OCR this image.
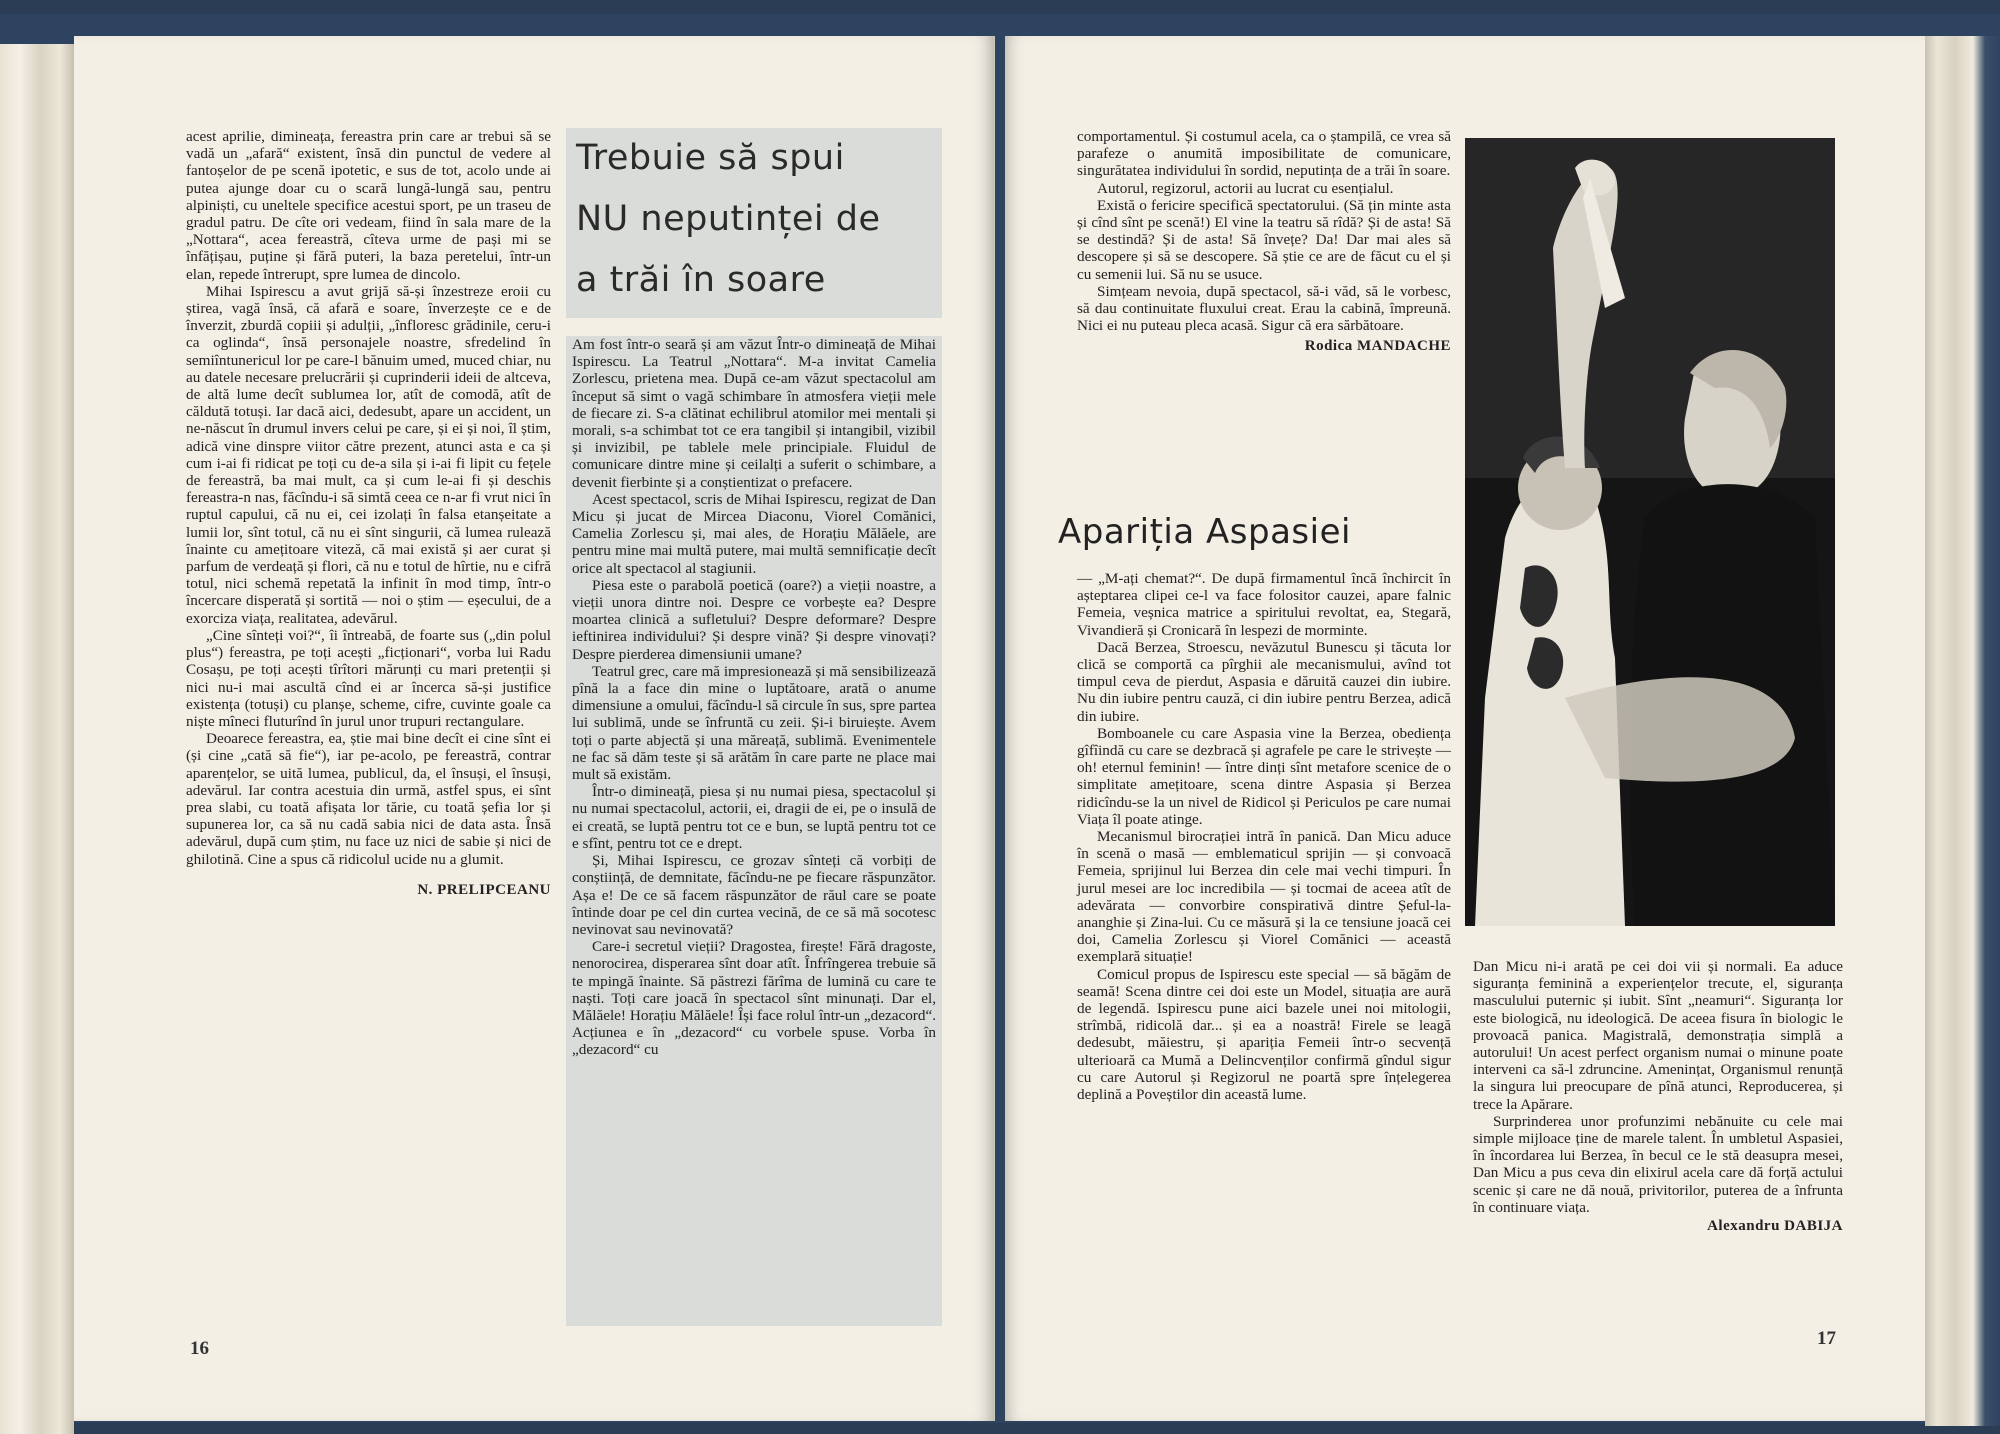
acest aprilie, dimineața, fereastra prin care ar trebui să se vadă un „afară“ existent, însă din punctul de vedere al fantoșelor de pe scenă ipotetic, e sus de tot, acolo unde ai putea ajunge doar cu o scară lungă-lungă sau, pentru alpiniști, cu uneltele specifice acestui sport, pe un traseu de gradul patru. De cîte ori vedeam, fiind în sala mare de la „Nottara“, acea fereastră, cîteva urme de pași mi se înfățișau, puține și fără puteri, la baza peretelui, într-un elan, repede întrerupt, spre lumea de dincolo.

Mihai Ispirescu a avut grijă să-și înzestreze eroii cu știrea, vagă însă, că afară e soare, înverzește ce e de înverzit, zburdă copiii și adulții, „înfloresc grădinile, ceru-i ca oglinda“, însă personajele noastre, sfredelind în semiîntunericul lor pe care-l bănuim umed, muced chiar, nu au datele necesare prelucrării și cuprinderii ideii de altceva, de altă lume decît sublumea lor, atît de comodă, atît de căldută totuși. Iar dacă aici, dedesubt, apare un accident, un ne-născut în drumul invers celui pe care, și ei și noi, îl știm, adică vine dinspre viitor către prezent, atunci asta e ca și cum i-ai fi ridicat pe toți cu de-a sila și i-ai fi lipit cu fețele de fereastră, ba mai mult, ca și cum le-ai fi și deschis fereastra-n nas, făcîndu-i să simtă ceea ce n-ar fi vrut nici în ruptul capului, că nu ei, cei izolați în falsa etanșeitate a lumii lor, sînt totul, că nu ei sînt singurii, că lumea rulează înainte cu amețitoare viteză, că mai există și aer curat și parfum de verdeață și flori, că nu e totul de hîrtie, nu e cifră totul, nici schemă repetată la infinit în mod timp, într-o încercare disperată și sortită — noi o știm — eșecului, de a exorciza viața, realitatea, adevărul.

„Cine sînteți voi?“, îi întreabă, de foarte sus („din polul plus“) fereastra, pe toți acești „ficționari“, vorba lui Radu Cosașu, pe toți acești tîrîtori mărunți cu mari pretenții și nici nu-i mai ascultă cînd ei ar încerca să-și justifice existența (totuși) cu planșe, scheme, cifre, cuvinte goale ca niște mîneci fluturînd în jurul unor trupuri rectangulare.

Deoarece fereastra, ea, știe mai bine decît ei cine sînt ei (și cine „cată să fie“), iar pe-acolo, pe fereastră, contrar aparențelor, se uită lumea, publicul, da, el însuși, el însuși, adevărul. Iar contra acestuia din urmă, astfel spus, ei sînt prea slabi, cu toată afișata lor tărie, cu toată șefia lor și supunerea lor, ca să nu cadă sabia nici de data asta. Însă adevărul, după cum știm, nu face uz nici de sabie și nici de ghilotină. Cine a spus că ridicolul ucide nu a glumit.

N. PRELIPCEANU
Trebuie să spui NU neputinței de a trăi în soare

Am fost într-o seară și am văzut Într-o dimineață de Mihai Ispirescu. La Teatrul „Nottara“. M-a invitat Camelia Zorlescu, prietena mea. După ce-am văzut spectacolul am început să simt o vagă schimbare în atmosfera vieții mele de fiecare zi. S-a clătinat echilibrul atomilor mei mentali și morali, s-a schimbat tot ce era tangibil și intangibil, vizibil și invizibil, pe tablele mele principiale. Fluidul de comunicare dintre mine și ceilalți a suferit o schimbare, a devenit fierbinte și a conștientizat o prefacere.

Acest spectacol, scris de Mihai Ispirescu, regizat de Dan Micu și jucat de Mircea Diaconu, Viorel Comănici, Camelia Zorlescu și, mai ales, de Horațiu Mălăele, are pentru mine mai multă putere, mai multă semnificație decît orice alt spectacol al stagiunii.

Piesa este o parabolă poetică (oare?) a vieții noastre, a vieții unora dintre noi. Despre ce vorbește ea? Despre moartea clinică a sufletului? Despre deformare? Despre ieftinirea individului? Și despre vină? Și despre vinovați? Despre pierderea dimensiunii umane?

Teatrul grec, care mă impresionează și mă sensibilizează pînă la a face din mine o luptătoare, arată o anume dimensiune a omului, făcîndu-l să circule în sus, spre partea lui sublimă, unde se înfruntă cu zeii. Și-i biruiește. Avem toți o parte abjectă și una măreață, sublimă. Evenimentele ne fac să dăm teste și să arătăm în care parte ne place mai mult să existăm.

Într-o dimineață, piesa și nu numai piesa, spectacolul și nu numai spectacolul, actorii, ei, dragii de ei, pe o insulă de ei creată, se luptă pentru tot ce e bun, se luptă pentru tot ce e sfînt, pentru tot ce e drept.

Și, Mihai Ispirescu, ce grozav sînteți că vorbiți de conștiință, de demnitate, făcîndu-ne pe fiecare răspunzător. Așa e! De ce să facem răspunzător de răul care se poate întinde doar pe cel din curtea vecină, de ce să mă socotesc nevinovat sau nevinovată?

Care-i secretul vieții? Dragostea, firește! Fără dragoste, nenorocirea, disperarea sînt doar atît. Înfrîngerea trebuie să te mpingă înainte. Să păstrezi fărîma de lumină cu care te naști. Toți care joacă în spectacol sînt minunați. Dar el, Mălăele! Horațiu Mălăele! Își face rolul într-un „dezacord“. Acțiunea e în „dezacord“ cu vorbele spuse. Vorba în „dezacord“ cu

16

comportamentul. Și costumul acela, ca o ștampilă, ce vrea să parafeze o anumită imposibilitate de comunicare, singurătatea individului în sordid, neputința de a trăi în soare.

Autorul, regizorul, actorii au lucrat cu esențialul.

Există o fericire specifică spectatorului. (Să țin minte asta și cînd sînt pe scenă!) El vine la teatru să rîdă? Și de asta! Să se destindă? Și de asta! Să învețe? Da! Dar mai ales să descopere și să se descopere. Să știe ce are de făcut cu el și cu semenii lui. Să nu se usuce.

Simțeam nevoia, după spectacol, să-i văd, să le vorbesc, să dau continuitate fluxului creat. Erau la cabină, împreună. Nici ei nu puteau pleca acasă. Sigur că era sărbătoare.

Rodica MANDACHE
Apariția Aspasiei

— „M-ați chemat?“. De după firmamentul încă închircit în așteptarea clipei ce-l va face folositor cauzei, apare falnic Femeia, veșnica matrice a spiritului revoltat, ea, Stegară, Vivandieră și Cronicară în lespezi de morminte.

Dacă Berzea, Stroescu, nevăzutul Bunescu și tăcuta lor clică se comportă ca pîrghii ale mecanismului, avînd tot timpul ceva de pierdut, Aspasia e dăruită cauzei din iubire. Nu din iubire pentru cauză, ci din iubire pentru Berzea, adică din iubire.

Bomboanele cu care Aspasia vine la Berzea, obediența gîfîindă cu care se dezbracă și agrafele pe care le strivește — oh! eternul feminin! — între dinți sînt metafore scenice de o simplitate amețitoare, scena dintre Aspasia și Berzea ridicîndu-se la un nivel de Ridicol și Periculos pe care numai Viața îl poate atinge.

Mecanismul birocrației intră în panică. Dan Micu aduce în scenă o masă — emblematicul sprijin — și convoacă Femeia, sprijinul lui Berzea din cele mai vechi timpuri. În jurul mesei are loc incredibila — și tocmai de aceea atît de adevărata — convorbire conspirativă dintre Șeful-la-ananghie și Zina-lui. Cu ce măsură și la ce tensiune joacă cei doi, Camelia Zorlescu și Viorel Comănici — această exemplară situație!

Comicul propus de Ispirescu este special — să băgăm de seamă! Scena dintre cei doi este un Model, situația are aură de legendă. Ispirescu pune aici bazele unei noi mitologii, strîmbă, ridicolă dar... și ea a noastră! Firele se leagă dedesubt, măiestru, și apariția Femeii într-o secvență ulterioară ca Mumă a Delincvenților confirmă gîndul sigur cu care Autorul și Regizorul ne poartă spre înțelegerea deplină a Poveștilor din această lume.

Dan Micu ni-i arată pe cei doi vii și normali. Ea aduce siguranța feminină a experiențelor trecute, el, siguranța masculului puternic și iubit. Sînt „neamuri“. Siguranța lor este biologică, nu ideologică. De aceea fisura în biologic le provoacă panica. Magistrală, demonstrația simplă a autorului! Un acest perfect organism numai o minune poate interveni ca să-l zdruncine. Amenințat, Organismul renunță la singura lui preocupare de pînă atunci, Reproducerea, și trece la Apărare.

Surprinderea unor profunzimi nebănuite cu cele mai simple mijloace ține de marele talent. În umbletul Aspasiei, în încordarea lui Berzea, în becul ce le stă deasupra mesei, Dan Micu a pus ceva din elixirul acela care dă forță actului scenic și care ne dă nouă, privitorilor, puterea de a înfrunta în continuare viața.

Alexandru DABIJA
17
